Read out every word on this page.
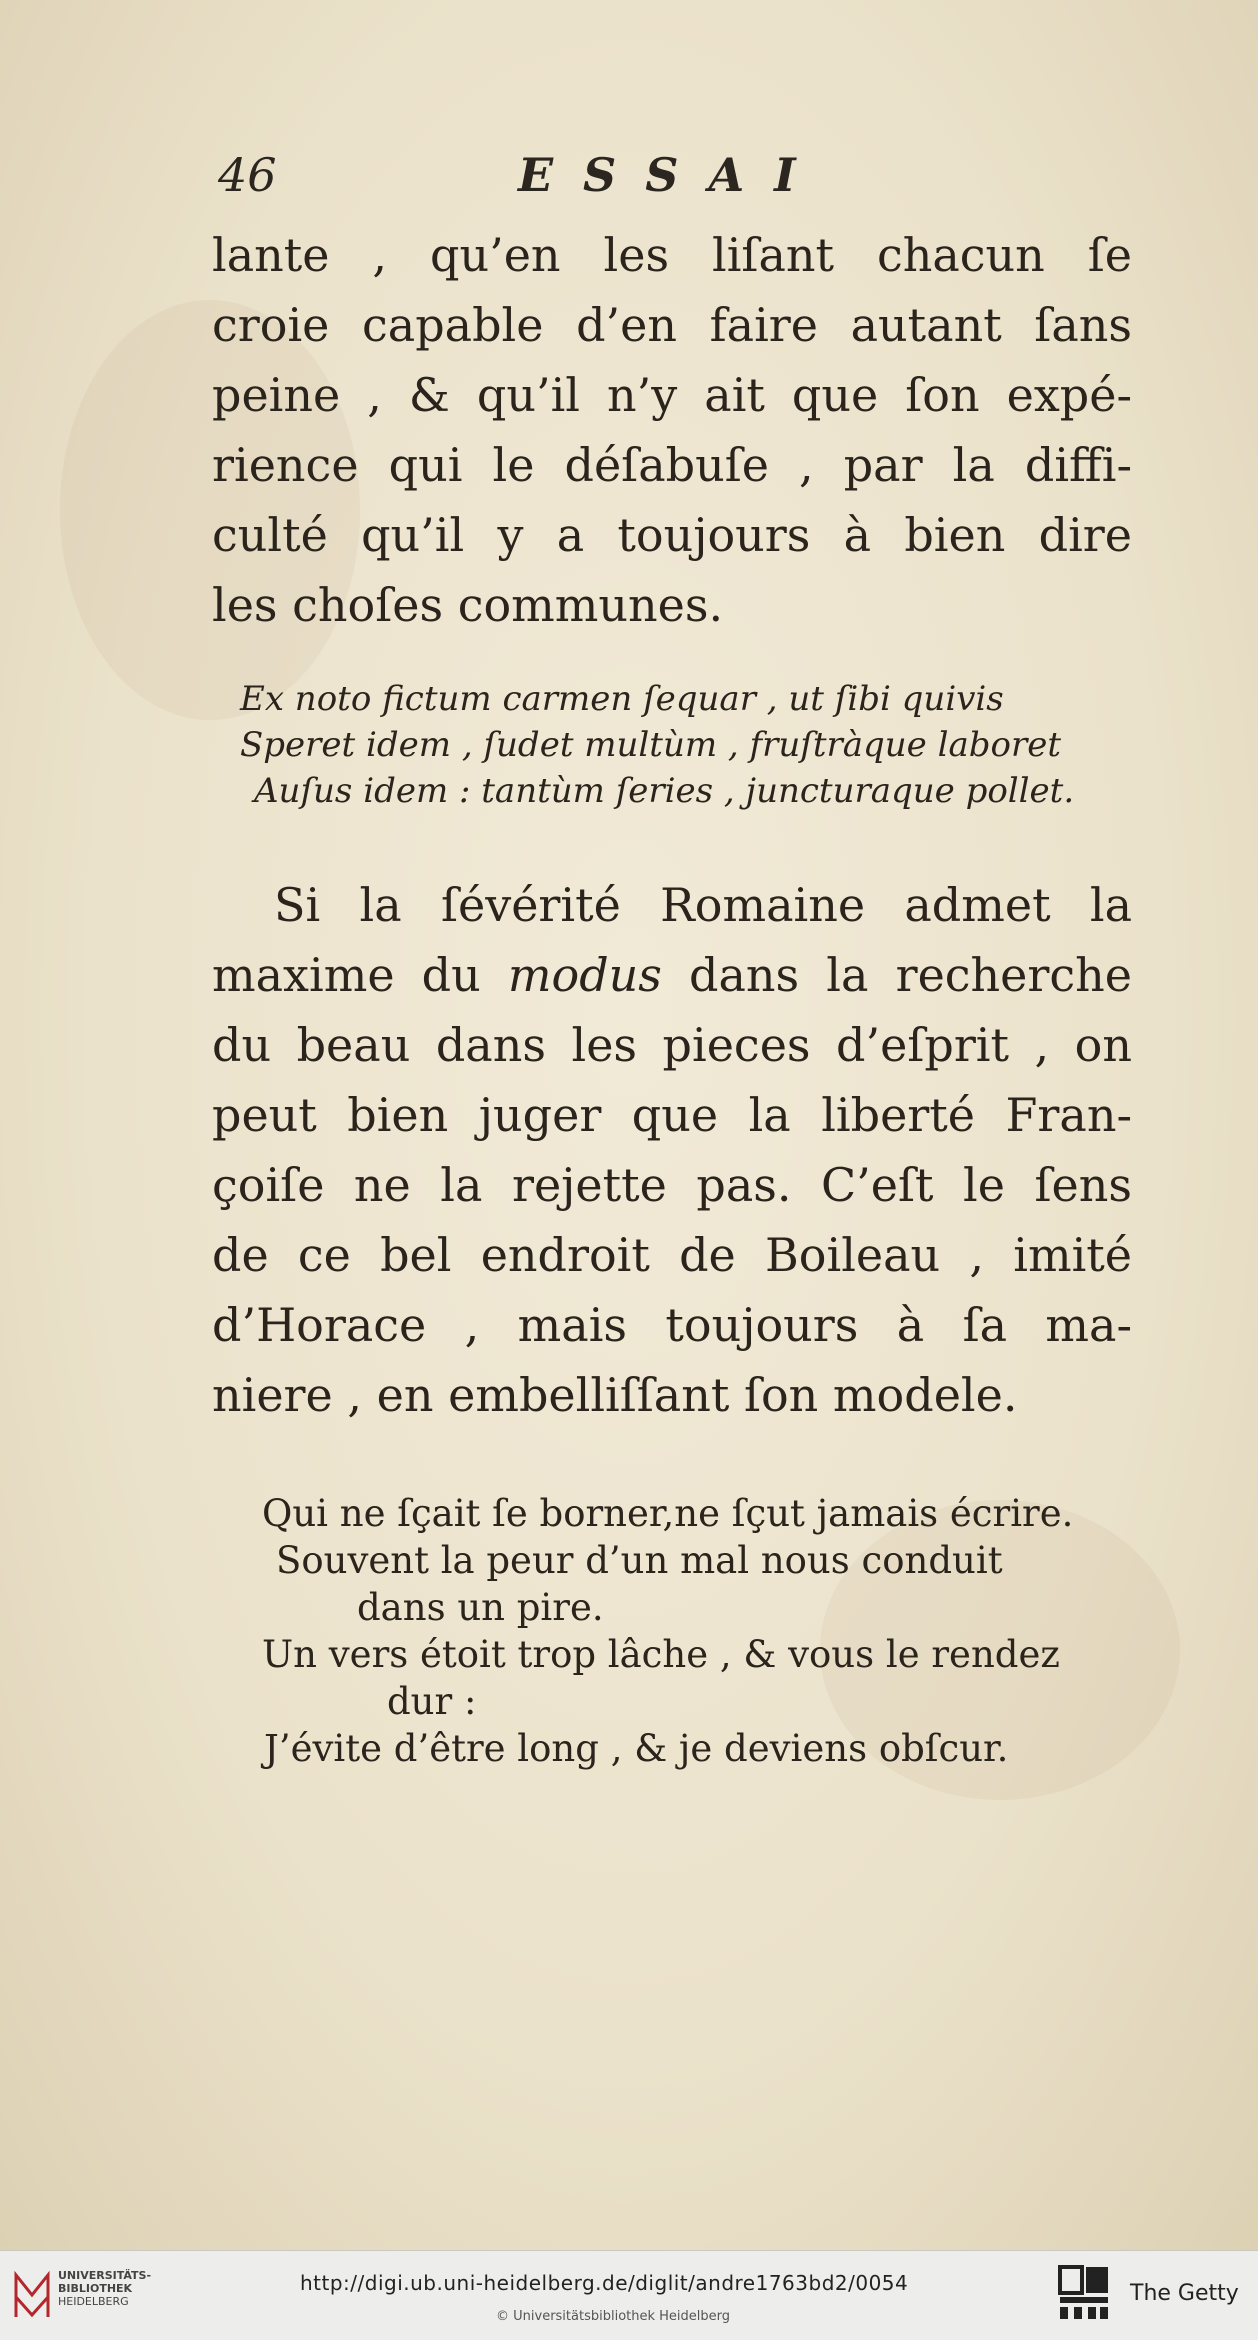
46	ESSAI
lante , qu’en les liſant chacun ſe
croie capable d’en faire autant ſans
peine , & qu’il n’y ait que ſon expé-
rience qui le déſabuſe , par la diffi-
culté qu’il y a toujours à bien dire
les choſes communes.
Ex noto fictum carmen ſequar , ut ſibi quivis
Speret idem , ſudet multùm , fruſtràque laboret
Auſus idem : tantùm ſeries , juncturaque pollet.
Si la ſévérité Romaine admet la
maxime du modus dans la recherche
du beau dans les pieces d’eſprit , on
peut bien juger que la liberté Fran-
çoiſe ne la rejette pas. C’eſt le ſens
de ce bel endroit de Boileau , imité
d’Horace , mais toujours à ſa ma-
niere , en embelliſſant ſon modele.
Qui ne ſçait ſe borner,ne ſçut jamais écrire.
Souvent la peur d’un mal nous conduit
dans un pire.
Un vers étoit trop lâche , & vous le rendez
dur :
J’évite d’être long , & je deviens obſcur.
UNIVERSITÄTS-
BIBLIOTHEK
HEIDELBERG
http://digi.ub.uni-heidelberg.de/diglit/andre1763bd2/0054
© Universitätsbibliothek Heidelberg
The Getty
